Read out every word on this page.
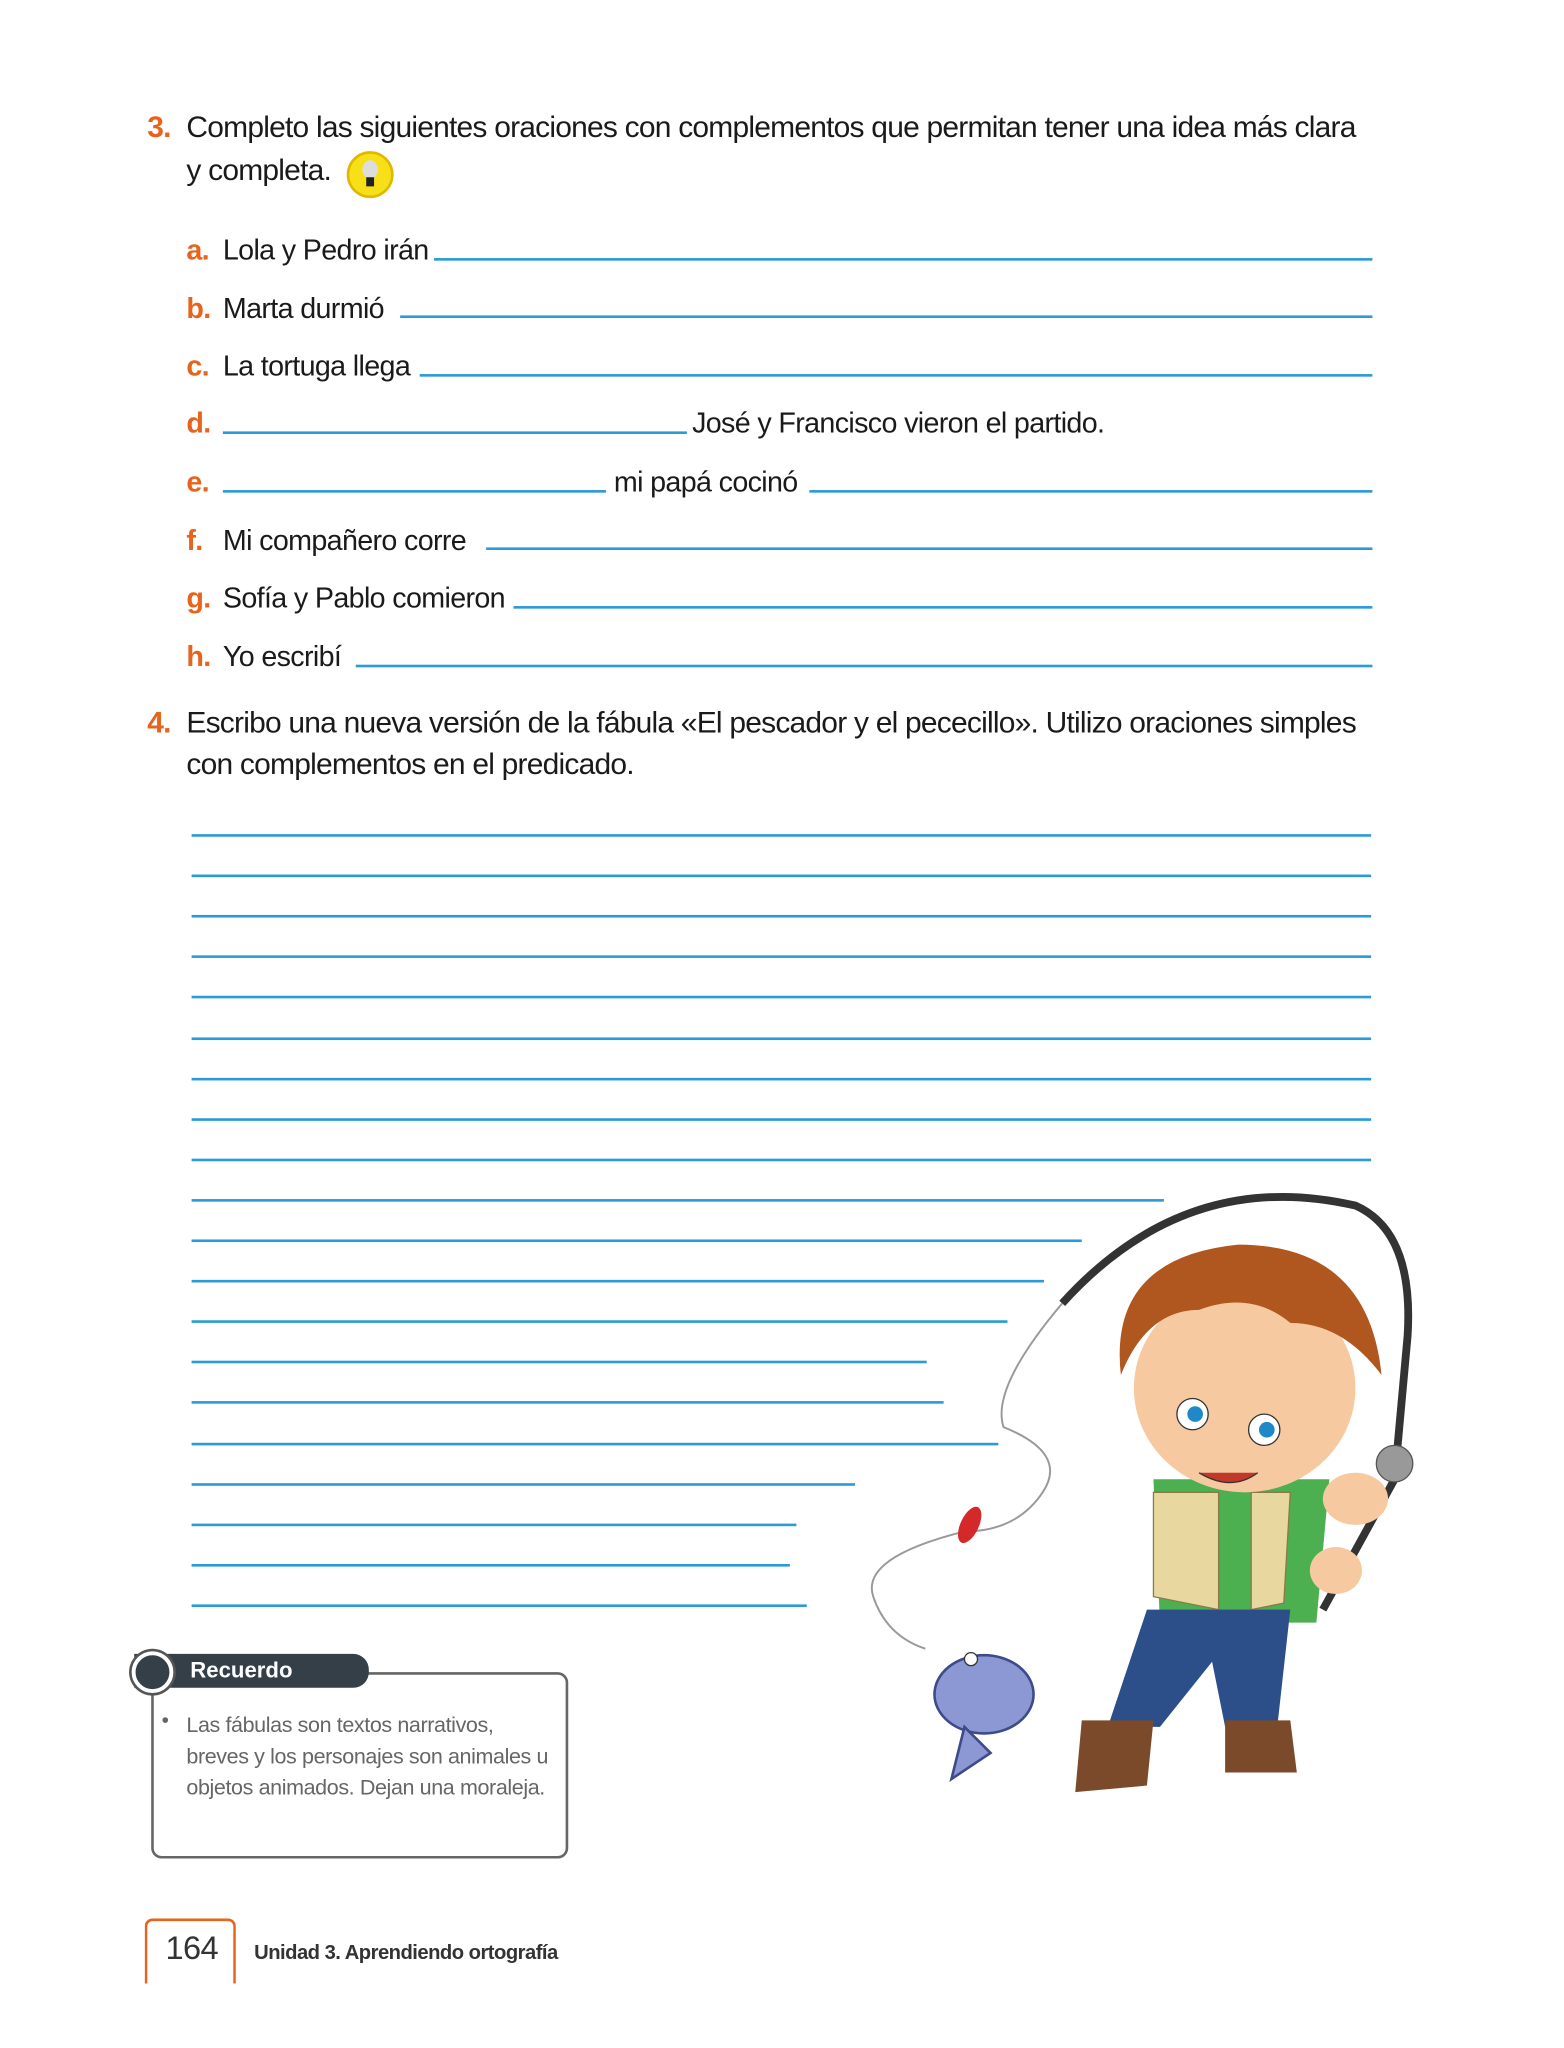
3. Completo las siguientes oraciones con complementos que permitan tener una idea más clara
y completa.
a. Lola y Pedro irán
b. Marta durmió
c. La tortuga llega
d.	José y Francisco vieron el partido.
e.	mi papá cocinó
f. Mi compañero corre
g. Sofía y Pablo comieron
h. Yo escribí
4. Escribo una nueva versión de la fábula «El pescador y el pececillo». Utilizo oraciones simples
con complementos en el predicado.
Recuerdo
• Las fábulas son textos narrativos, breves y los personajes son animales u objetos animados. Dejan una moraleja.
164 Unidad 3. Aprendiendo ortografía
